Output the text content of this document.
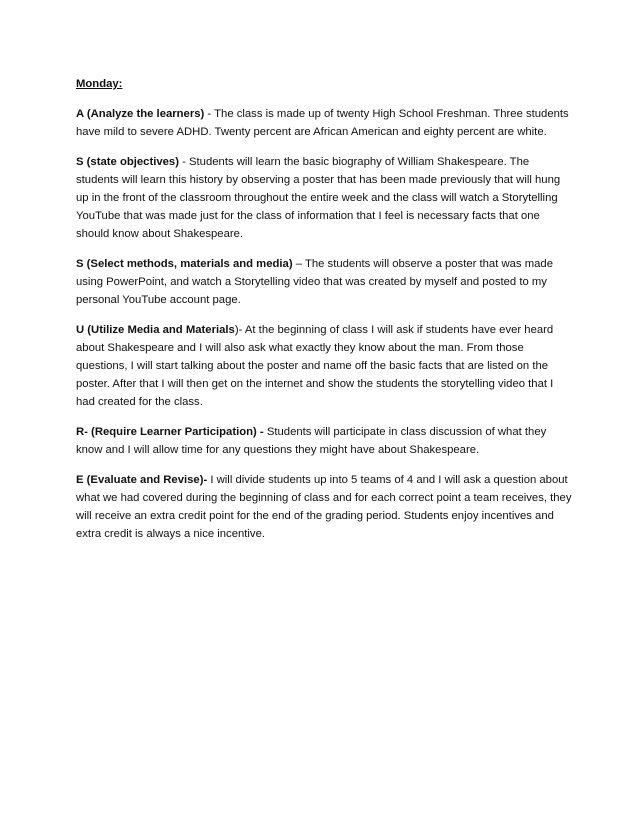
Monday:

A (Analyze the learners) - The class is made up of twenty High School Freshman. Three students have mild to severe ADHD. Twenty percent are African American and eighty percent are white.

S (state objectives) - Students will learn the basic biography of William Shakespeare. The students will learn this history by observing a poster that has been made previously that will hung up in the front of the classroom throughout the entire week and the class will watch a Storytelling YouTube that was made just for the class of information that I feel is necessary facts that one should know about Shakespeare.

S (Select methods, materials and media) – The students will observe a poster that was made using PowerPoint, and watch a Storytelling video that was created by myself and posted to my personal YouTube account page.

U (Utilize Media and Materials)- At the beginning of class I will ask if students have ever heard about Shakespeare and I will also ask what exactly they know about the man. From those questions, I will start talking about the poster and name off the basic facts that are listed on the poster. After that I will then get on the internet and show the students the storytelling video that I had created for the class.

R- (Require Learner Participation) - Students will participate in class discussion of what they know and I will allow time for any questions they might have about Shakespeare.

E (Evaluate and Revise)- I will divide students up into 5 teams of 4 and I will ask a question about what we had covered during the beginning of class and for each correct point a team receives, they will receive an extra credit point for the end of the grading period. Students enjoy incentives and extra credit is always a nice incentive.
